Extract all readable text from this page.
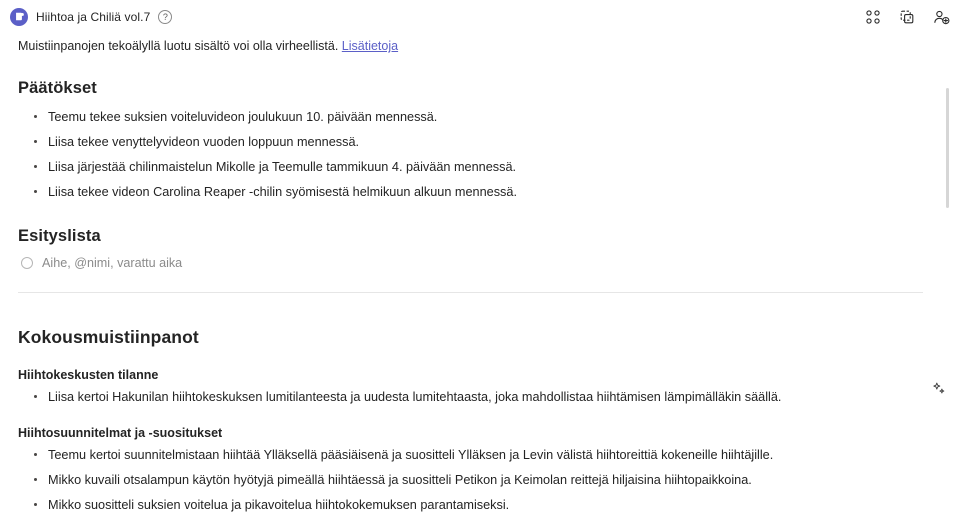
Hiihtoa ja Chiliä vol.7	?
Muistiinpanojen tekoälyllä luotu sisältö voi olla virheellistä. Lisätietoja
Päätökset
Teemu tekee suksien voiteluvideon joulukuun 10. päivään mennessä.
Liisa tekee venyttelyvideon vuoden loppuun mennessä.
Liisa järjestää chilinmaistelun Mikolle ja Teemulle tammikuun 4. päivään mennessä.
Liisa tekee videon Carolina Reaper -chilin syömisestä helmikuun alkuun mennessä.
Esityslista
Aihe, @nimi, varattu aika
Kokousmuistiinpanot
Hiihtokeskusten tilanne
Liisa kertoi Hakunilan hiihtokeskuksen lumitilanteesta ja uudesta lumitehtaasta, joka mahdollistaa hiihtämisen lämpimälläkin säällä.
Hiihtosuunnitelmat ja -suositukset
Teemu kertoi suunnitelmistaan hiihtää Ylläksellä pääsiäisenä ja suositteli Ylläksen ja Levin välistä hiihtoreittiä kokeneille hiihtäjille.
Mikko kuvaili otsalampun käytön hyötyjä pimeällä hiihtäessä ja suositteli Petikon ja Keimolan reittejä hiljaisina hiihtopaikkoina.
Mikko suositteli suksien voitelua ja pikavoitelua hiihtokokemuksen parantamiseksi.
